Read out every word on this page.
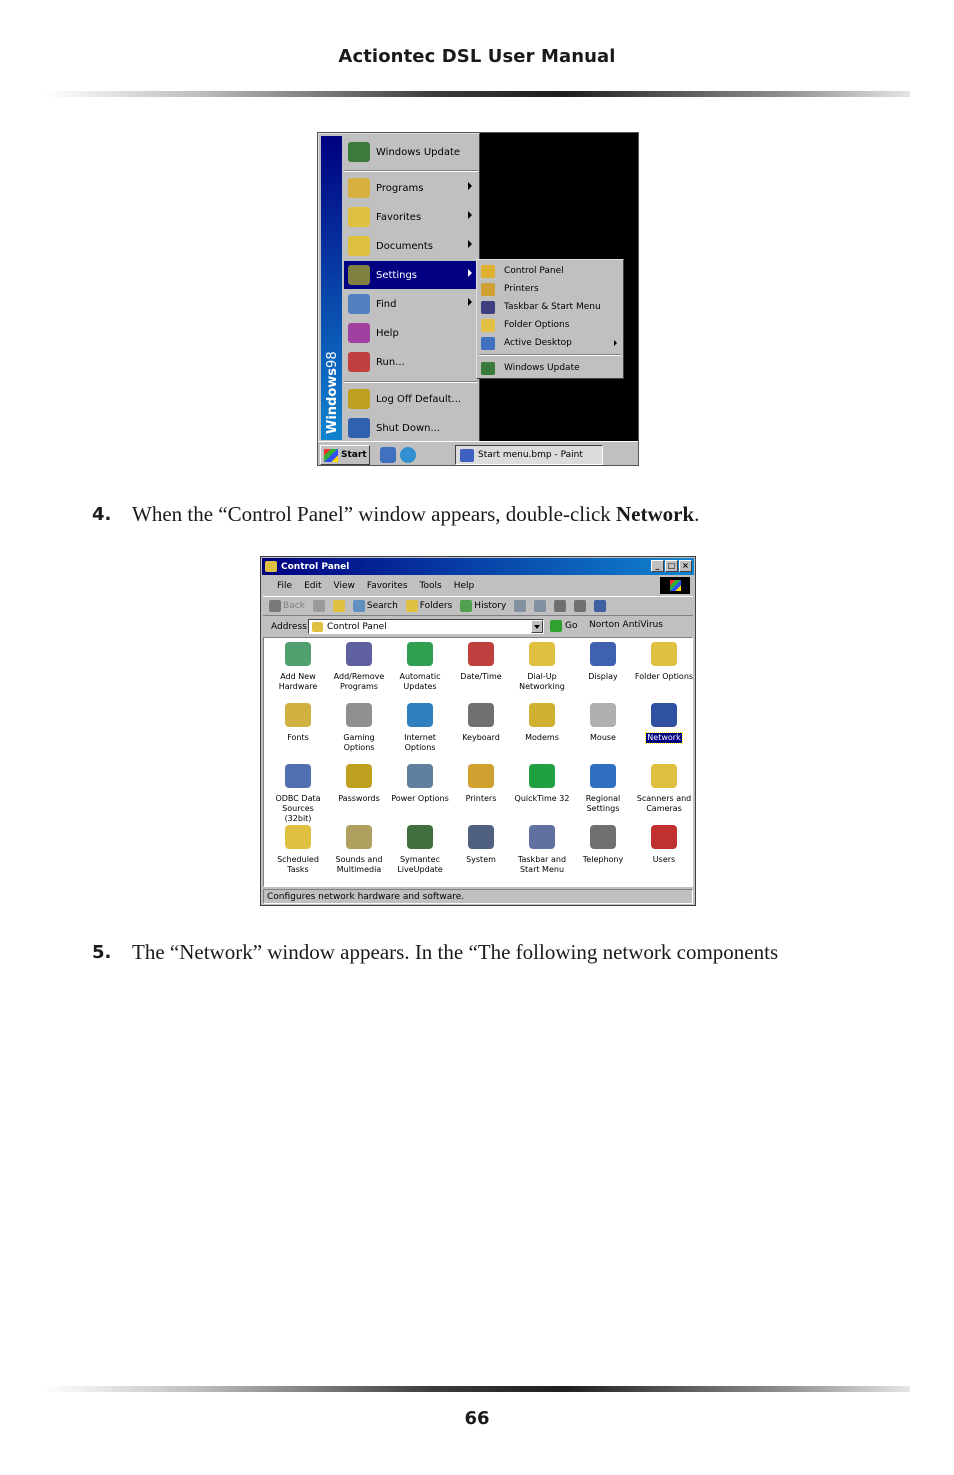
Actiontec DSL User Manual
Windows98
Windows Update
Programs
Favorites
Documents
Settings
Find
Help
Run...
Log Off Default...
Shut Down...
Control Panel
Printers
Taskbar & Start Menu
Folder Options
Active Desktop
Windows Update
Start	Start menu.bmp - Paint
4. When the “Control Panel” window appears, double-click Network.
Control Panel	_	□ ×
File Edit View Favorites Tools Help
Back	Search Folders History
Address Control Panel	Go Norton AntiVirus
Add New Hardware
Add/Remove Programs
Automatic Updates
Date/Time	Dial-Up Networking
Display Folder Options
Fonts	Gaming Options
Internet Options
Keyboard	Modems	Mouse	Network
ODBC Data Sources (32bit)
Passwords Power Options Printers QuickTime 32	Regional Settings
Scanners and Cameras
Scheduled Tasks
Sounds and Multimedia
Symantec LiveUpdate
System	Taskbar and Start Menu
Telephony	Users
Configures network hardware and software.
5. The “Network” window appears. In the “The following network components
66
